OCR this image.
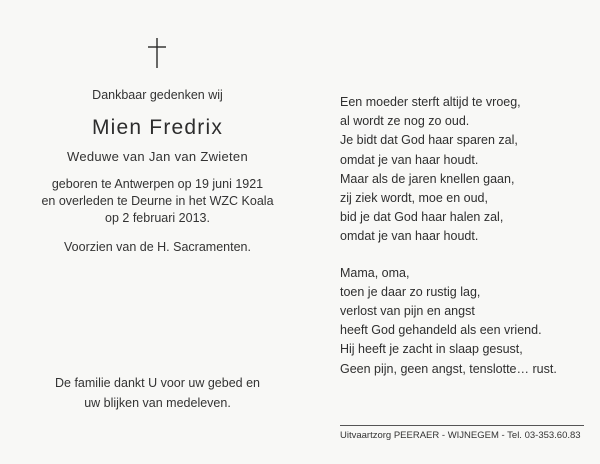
Dankbaar gedenken wij
Mien Fredrix
Weduwe van Jan van Zwieten
geboren te Antwerpen op 19 juni 1921
en overleden te Deurne in het WZC Koala
op 2 februari 2013.
Voorzien van de H. Sacramenten.
De familie dankt U voor uw gebed en
uw blijken van medeleven.
Een moeder sterft altijd te vroeg,
al wordt ze nog zo oud.
Je bidt dat God haar sparen zal,
omdat je van haar houdt.
Maar als de jaren knellen gaan,
zij ziek wordt, moe en oud,
bid je dat God haar halen zal,
omdat je van haar houdt.
Mama, oma,
toen je daar zo rustig lag,
verlost van pijn en angst
heeft God gehandeld als een vriend.
Hij heeft je zacht in slaap gesust,
Geen pijn, geen angst, tenslotte… rust.
Uitvaartzorg PEERAER - WIJNEGEM - Tel. 03-353.60.83
